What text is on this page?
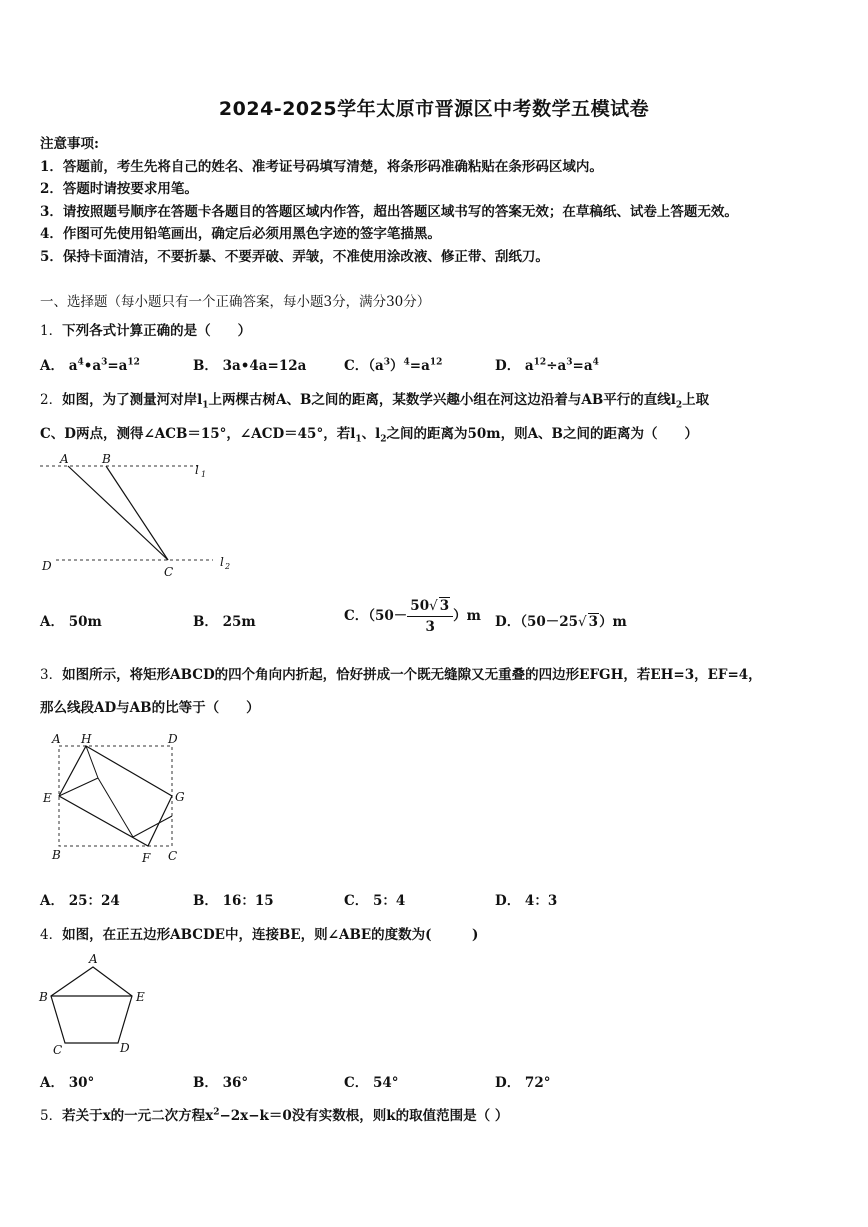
2024-2025学年太原市晋源区中考数学五模试卷
注意事项:
1．答题前，考生先将自己的姓名、准考证号码填写清楚，将条形码准确粘贴在条形码区域内。
2．答题时请按要求用笔。
3．请按照题号顺序在答题卡各题目的答题区域内作答，超出答题区域书写的答案无效；在草稿纸、试卷上答题无效。
4．作图可先使用铅笔画出，确定后必须用黑色字迹的签字笔描黑。
5．保持卡面清洁，不要折暴、不要弄破、弄皱，不准使用涂改液、修正带、刮纸刀。
一、选择题（每小题只有一个正确答案，每小题3分，满分30分）
1．下列各式计算正确的是（　　）
A． $a^4•a^3=a^{12}$	B． 3a•4a=12a	C．$(a^3)^4=a^{12}$	D． $a^{12}\div a^3=a^4$
2．如图，为了测量河对岸$l_1$上两棵古树A、B之间的距离，某数学兴趣小组在河这边沿着与AB平行的直线$l_2$上取
C、D两点，测得∠ACB＝15°，∠ACD＝45°，若$l_1$、$l_2$之间的距离为50m，则A、B之间的距离为（　　）
A	B
l 1
D	C
l 2
A． 50m	B． 25m	C．$(50- \frac{50√ 3}{3} )m$ D．（50－25√ 3）m
3．如图所示，将矩形ABCD的四个角向内折起，恰好拼成一个既无缝隙又无重叠的四边形EFGH，若EH=3，EF=4，
那么线段AD与AB的比等于（　　）
A H	D
E	G
B	F C
A． 25：24	B． 16：15	C． 5：4	D． 4：3
4．如图，在正五边形ABCDE中，连接BE，则∠ABE的度数为(　　　)
A
B	E
C	D
A． 30°	B． 36°	C． 54°	D． 72°
5．若关于x的一元二次方程$x^2-2x-k=0$没有实数根，则k的取值范围是（ ）
